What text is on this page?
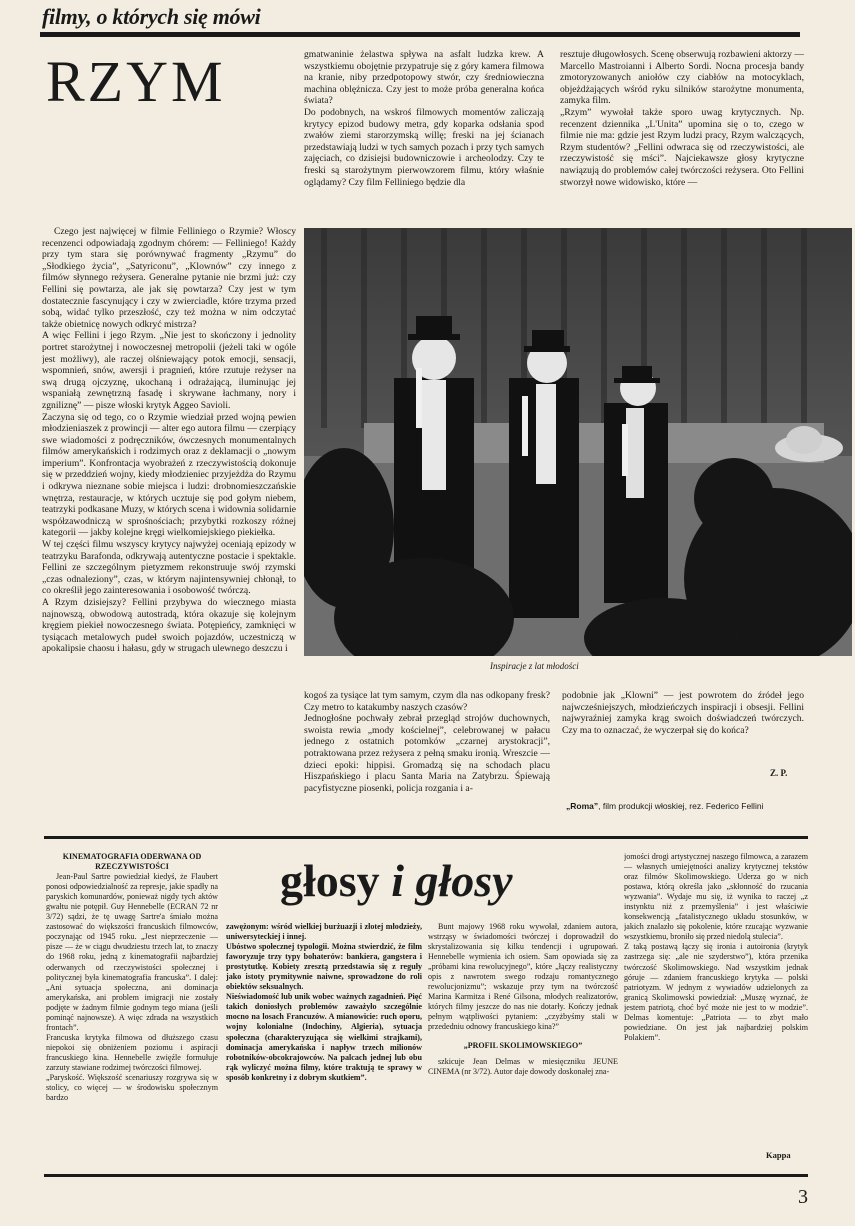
filmy, o których się mówi
RZYM

Czego jest najwięcej w filmie Felliniego o Rzymie? Włoscy recenzenci odpowiadają zgodnym chórem: — Felliniego! Każdy przy tym stara się porównywać fragmenty „Rzymu” do „Słodkiego życia”, „Satyriconu”, „Klownów” czy innego z filmów słynnego reżysera. Generalne pytanie nie brzmi już: czy Fellini się powtarza, ale jak się powtarza? Czy jest w tym dostatecznie fascynujący i czy w zwierciadle, które trzyma przed sobą, widać tylko przeszłość, czy też można w nim odczytać także obietnicę nowych odkryć mistrza?
A więc Fellini i jego Rzym. „Nie jest to skończony i jednolity portret starożytnej i nowoczesnej metropolii (jeżeli taki w ogóle jest możliwy), ale raczej olśniewający potok emocji, sensacji, wspomnień, snów, awersji i pragnień, które rzutuje reżyser na swą drugą ojczyznę, ukochaną i odrażającą, iluminując jej wspaniałą zewnętrzną fasadę i skrywane łachmany, nory i zgniliznę” — pisze włoski krytyk Aggeo Savioli.
Zaczyna się od tego, co o Rzymie wiedział przed wojną pewien młodzieniaszek z prowincji — alter ego autora filmu — czerpiący swe wiadomości z podręczników, ówczesnych monumentalnych filmów amerykańskich i rodzimych oraz z deklamacji o „nowym imperium”. Konfrontacja wyobrażeń z rzeczywistością dokonuje się w przeddzień wojny, kiedy młodzieniec przyjeżdża do Rzymu i odkrywa nieznane sobie miejsca i ludzi: drobnomieszczańskie wnętrza, restauracje, w których ucztuje się pod gołym niebem, teatrzyki podkasane Muzy, w których scena i widownia solidarnie współzawodniczą w sprośnościach; przybytki rozkoszy różnej kategorii — jakby kolejne kręgi wielkomiejskiego piekiełka.
W tej części filmu wszyscy krytycy najwyżej oceniają epizody w teatrzyku Barafonda, odkrywają autentyczne postacie i spektakle. Fellini ze szczególnym pietyzmem rekonstruuje swój rzymski „czas odnaleziony”, czas, w którym najintensywniej chłonął, to co określił jego zainteresowania i osobowość twórczą.
A Rzym dzisiejszy? Fellini przybywa do wiecznego miasta najnowszą, obwodową autostradą, która okazuje się kolejnym kręgiem piekieł nowoczesnego świata. Potępieńcy, zamknięci w tysiącach metalowych pudeł swoich pojazdów, uczestniczą w apokalipsie chaosu i hałasu, gdy w strugach ulewnego deszczu i

gmatwaninie żelastwa spływa na asfalt ludzka krew. A wszystkiemu obojętnie przypatruje się z góry kamera filmowa na kranie, niby przedpotopowy stwór, czy średniowieczna machina oblężnicza. Czy jest to może próba generalna końca świata?
Do podobnych, na wskroś filmowych momentów zaliczają krytycy epizod budowy metra, gdy koparka odsłania spod zwałów ziemi starorzymską willę; freski na jej ścianach przedstawiają ludzi w tych samych pozach i przy tych samych zajęciach, co dzisiejsi budowniczowie i archeolodzy. Czy te freski są starożytnym pierwowzorem filmu, który właśnie oglądamy? Czy film Felliniego będzie dla

resztuje długowłosych. Scenę obserwują rozbawieni aktorzy — Marcello Mastroianni i Alberto Sordi. Nocna procesja bandy zmotoryzowanych aniołów czy ciabłów na motocyklach, objeżdżających wśród ryku silników starożytne monumenta, zamyka film.
„Rzym” wywołał także sporo uwag krytycznych. Np. recenzent dziennika „L'Unita” upomina się o to, czego w filmie nie ma: gdzie jest Rzym ludzi pracy, Rzym walczących, Rzym studentów? „Fellini odwraca się od rzeczywistości, ale rzeczywistość się mści”. Najciekawsze głosy krytyczne nawiązują do problemów całej twórczości reżysera. Oto Fellini stworzył nowe widowisko, które —

Inspiracje z lat młodości

kogoś za tysiące lat tym samym, czym dla nas odkopany fresk? Czy metro to katakumby naszych czasów?
Jednogłośne pochwały zebrał przegląd strojów duchownych, swoista rewia „mody kościelnej”, celebrowanej w pałacu jednego z ostatnich potomków „czarnej arystokracji”, potraktowana przez reżysera z pełną smaku ironią. Wreszcie — dzieci epoki: hippisi. Gromadzą się na schodach placu Hiszpańskiego i placu Santa Maria na Zatybrzu. Śpiewają pacyfistyczne piosenki, policja rozgania i a-

podobnie jak „Klowni” — jest powrotem do źródeł jego najwcześniejszych, młodzieńczych inspiracji i obsesji. Fellini najwyraźniej zamyka krąg swoich doświadczeń twórczych. Czy ma to oznaczać, że wyczerpał się do końca?

Z. P.
„Roma”, film produkcji włoskiej, rez. Federico Fellini

KINEMATOGRAFIA ODERWANA OD RZECZYWISTOŚCI

Jean-Paul Sartre powiedział kiedyś, że Flaubert ponosi odpowiedzialność za represje, jakie spadły na paryskich komunardów, ponieważ nigdy tych aktów gwałtu nie potępił. Guy Hennebelle (ECRAN 72 nr 3/72) sądzi, że tę uwagę Sartre'a śmiało można zastosować do większości francuskich filmowców, poczynając od 1945 roku. „Jest nieprzeczenie — pisze — że w ciągu dwudziestu trzech lat, to znaczy do 1968 roku, jedną z kinematografii najbardziej oderwanych od rzeczywistości społecznej i politycznej była kinematografia francuska”. I dalej: „Ani sytuacja społeczna, ani dominacja amerykańska, ani problem imigracji nie zostały podjęte w żadnym filmie godnym tego miana (jeśli pominąć najnowsze). A więc zdrada na wszystkich frontach”.
Francuska krytyka filmowa od dłuższego czasu niepokoi się obniżeniem poziomu i aspiracji francuskiego kina. Hennebelle zwięźle formułuje zarzuty stawiane rodzimej twórczości filmowej.
„Paryskość. Większość scenariuszy rozgrywa się w stolicy, co więcej — w środowisku społecznym bardzo

głosy i głosy

zawężonym: wśród wielkiej burżuazji i złotej młodzieży, uniwersyteckiej i innej.
Ubóstwo społecznej typologii. Można stwierdzić, że film faworyzuje trzy typy bohaterów: bankiera, gangstera i prostytutkę. Kobiety zresztą przedstawia się z reguły jako istoty prymitywnie naiwne, sprowadzone do roli obiektów seksualnych.
Nieświadomość lub unik wobec ważnych zagadnień. Pięć takich doniosłych problemów zaważyło szczególnie mocno na losach Francuzów. A mianowicie: ruch oporu, wojny kolonialne (Indochiny, Algieria), sytuacja społeczna (charakteryzująca się wielkimi strajkami), dominacja amerykańska i napływ trzech milionów robotników-obcokrajowców. Na palcach jednej lub obu rąk wyliczyć można filmy, które traktują te sprawy w sposób konkretny i z dobrym skutkiem”.

Bunt majowy 1968 roku wywołał, zdaniem autora, wstrząsy w świadomości twórczej i doprowadził do skrystalizowania się kilku tendencji i ugrupowań. Hennebelle wymienia ich osiem. Sam opowiada się za „próbami kina rewolucyjnego”, które „łączy realistyczny opis z nawrotem swego rodzaju romantycznego rewolucjonizmu”; wskazuje przy tym na twórczość Marina Karmitza i René Gilsona, młodych realizatorów, których filmy jeszcze do nas nie dotarły. Kończy jednak pełnym wątpliwości pytaniem: „czyżbyśmy stali w przededniu odnowy francuskiego kina?”

„PROFIL SKOLIMOWSKIEGO”

szkicuje Jean Delmas w miesięczniku JEUNE CINEMA (nr 3/72). Autor daje dowody doskonałej zna-

jomości drogi artystycznej naszego filmowca, a zarazem — własnych umiejętności analizy krytycznej tekstów oraz filmów Skolimowskiego. Uderza go w nich postawa, którą określa jako „skłonność do rzucania wyzwania”. Wydaje mu się, iż wynika to raczej „z instynktu niż z przemyślenia” i jest właściwie konsekwencją „fatalistycznego układu stosunków, w jakich znalazło się pokolenie, które rzucając wyzwanie wszystkiemu, broniło się przed niedolą stulecia”.
Z taką postawą łączy się ironia i autoironia (krytyk zastrzega się: „ale nie szyderstwo”), która przenika twórczość Skolimowskiego. Nad wszystkim jednak góruje — zdaniem francuskiego krytyka — polski patriotyzm. W jednym z wywiadów udzielonych za granicą Skolimowski powiedział: „Muszę wyznać, że jestem patriotą, choć być może nie jest to w modzie”. Delmas komentuje: „Patriota — to zbyt mało powiedziane. On jest jak najbardziej polskim Polakiem”.

Kappa
3
